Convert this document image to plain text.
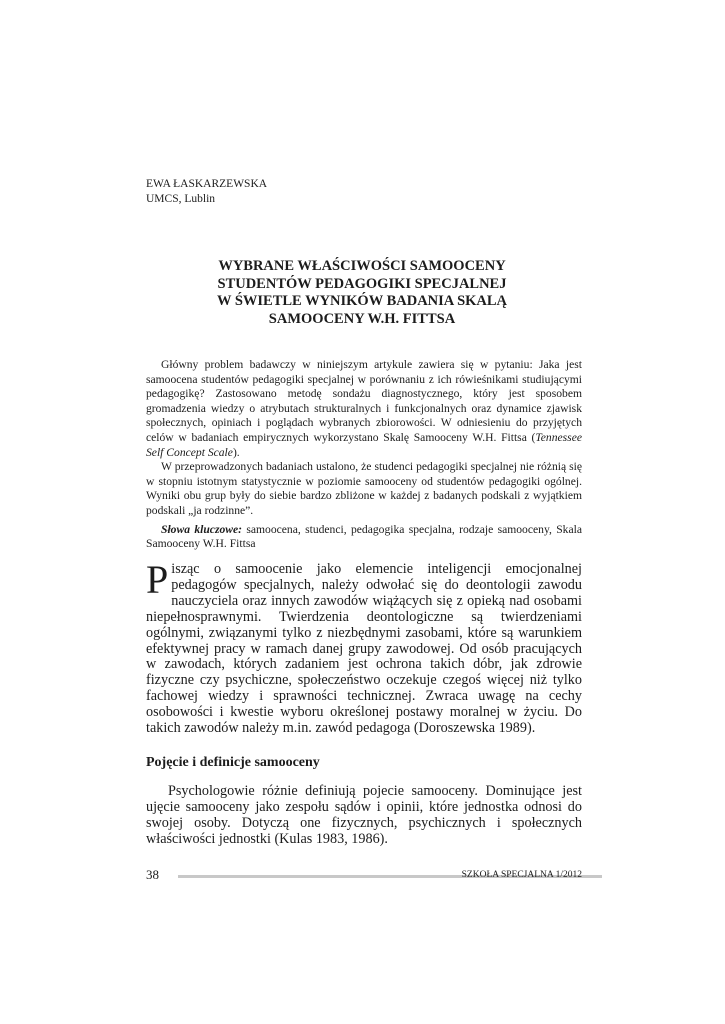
EWA ŁASKARZEWSKA
UMCS, Lublin
WYBRANE WŁAŚCIWOŚCI SAMOOCENY
STUDENTÓW PEDAGOGIKI SPECJALNEJ
W ŚWIETLE WYNIKÓW BADANIA SKALĄ
SAMOOCENY W.H. FITTSA

Główny problem badawczy w niniejszym artykule zawiera się w pytaniu: Jaka jest samoocena studentów pedagogiki specjalnej w porównaniu z ich rówieśnikami studiującymi pedagogikę? Zastosowano metodę sondażu diagnostycznego, który jest sposobem gromadzenia wiedzy o atrybutach strukturalnych i funkcjonalnych oraz dynamice zjawisk społecznych, opiniach i poglądach wybranych zbiorowości. W odniesieniu do przyjętych celów w badaniach empirycznych wykorzystano Skalę Samooceny W.H. Fittsa (Tennessee Self Concept Scale).

W przeprowadzonych badaniach ustalono, że studenci pedagogiki specjalnej nie różnią się w stopniu istotnym statystycznie w poziomie samooceny od studentów pedagogiki ogólnej. Wyniki obu grup były do siebie bardzo zbliżone w każdej z badanych podskali z wyjątkiem podskali „ja rodzinne”.

Słowa kluczowe: samoocena, studenci, pedagogika specjalna, rodzaje samooceny, Skala Samooceny W.H. Fittsa

Pisząc o samoocenie jako elemencie inteligencji emocjonalnej pedagogów specjalnych, należy odwołać się do deontologii zawodu nauczyciela oraz innych zawodów wiążących się z opieką nad osobami niepełnosprawnymi. Twierdzenia deontologiczne są twierdzeniami ogólnymi, związanymi tylko z niezbędnymi zasobami, które są warunkiem efektywnej pracy w ramach danej grupy zawodowej. Od osób pracujących w zawodach, których zadaniem jest ochrona takich dóbr, jak zdrowie fizyczne czy psychiczne, społeczeństwo oczekuje czegoś więcej niż tylko fachowej wiedzy i sprawności technicznej. Zwraca uwagę na cechy osobowości i kwestie wyboru określonej postawy moralnej w życiu. Do takich zawodów należy m.in. zawód pedagoga (Doroszewska 1989).

Pojęcie i definicje samooceny

Psychologowie różnie definiują pojecie samooceny. Dominujące jest ujęcie samooceny jako zespołu sądów i opinii, które jednostka odnosi do swojej osoby. Dotyczą one fizycznych, psychicznych i społecznych właściwości jednostki (Kulas 1983, 1986).

38	SZKOŁA SPECJALNA 1/2012
